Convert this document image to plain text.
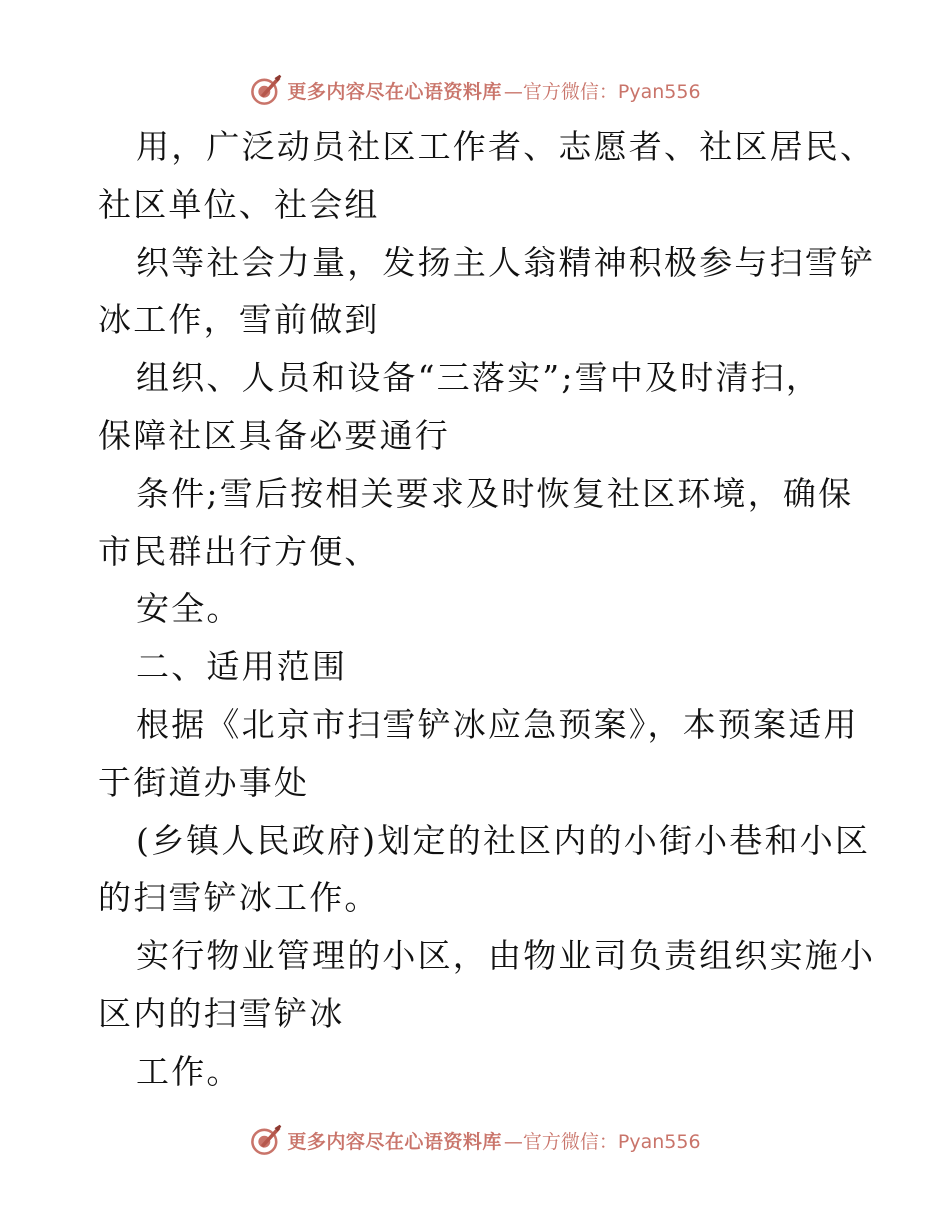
更多内容尽在心语资料库 —官方微信：Pyan556
用，广泛动员社区工作者、志愿者、社区居民、
社区单位、社会组
织等社会力量，发扬主人翁精神积极参与扫雪铲
冰工作，雪前做到
组织、人员和设备“三落实”;雪中及时清扫，
保障社区具备必要通行
条件;雪后按相关要求及时恢复社区环境，确保
市民群出行方便、
安全。
二、适用范围
根据《北京市扫雪铲冰应急预案》，本预案适用
于街道办事处
(乡镇人民政府)划定的社区内的小街小巷和小区
的扫雪铲冰工作。
实行物业管理的小区，由物业司负责组织实施小
区内的扫雪铲冰
工作。
更多内容尽在心语资料库 —官方微信：Pyan556
